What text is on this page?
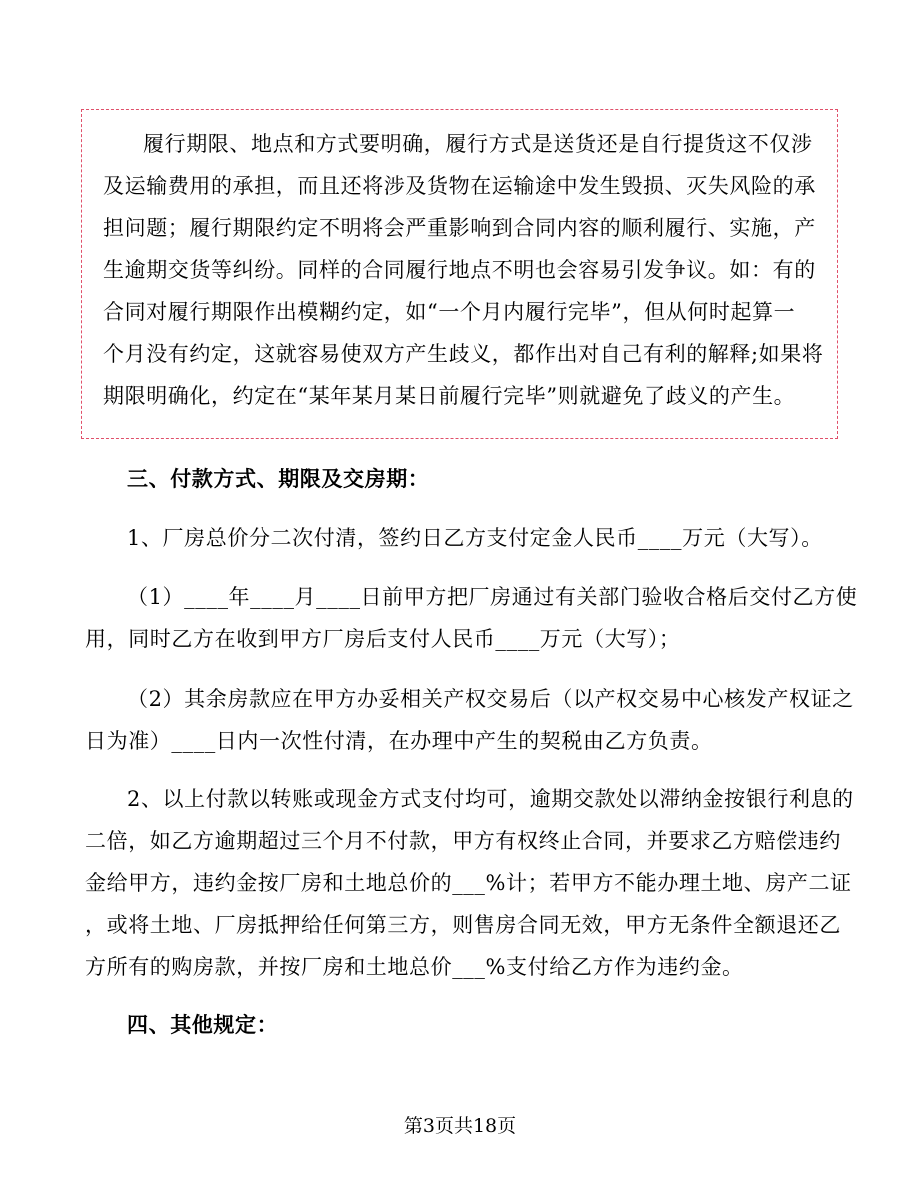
履行期限、地点和方式要明确，履行方式是送货还是自行提货这不仅涉
及运输费用的承担，而且还将涉及货物在运输途中发生毁损、灭失风险的承
担问题；履行期限约定不明将会严重影响到合同内容的顺利履行、实施，产
生逾期交货等纠纷。同样的合同履行地点不明也会容易引发争议。如：有的
合同对履行期限作出模糊约定，如“一个月内履行完毕”，但从何时起算一
个月没有约定，这就容易使双方产生歧义，都作出对自己有利的解释;如果将
期限明确化，约定在“某年某月某日前履行完毕”则就避免了歧义的产生。
三、付款方式、期限及交房期：
1、厂房总价分二次付清，签约日乙方支付定金人民币____万元（大写）。
（1）____年____月____日前甲方把厂房通过有关部门验收合格后交付乙方使
用，同时乙方在收到甲方厂房后支付人民币____万元（大写）；
（2）其余房款应在甲方办妥相关产权交易后（以产权交易中心核发产权证之
日为准）____日内一次性付清，在办理中产生的契税由乙方负责。
2、以上付款以转账或现金方式支付均可，逾期交款处以滞纳金按银行利息的
二倍，如乙方逾期超过三个月不付款，甲方有权终止合同，并要求乙方赔偿违约
金给甲方，违约金按厂房和土地总价的___%计；若甲方不能办理土地、房产二证
，或将土地、厂房抵押给任何第三方，则售房合同无效，甲方无条件全额退还乙
方所有的购房款，并按厂房和土地总价___%支付给乙方作为违约金。
四、其他规定：
第3页共18页
